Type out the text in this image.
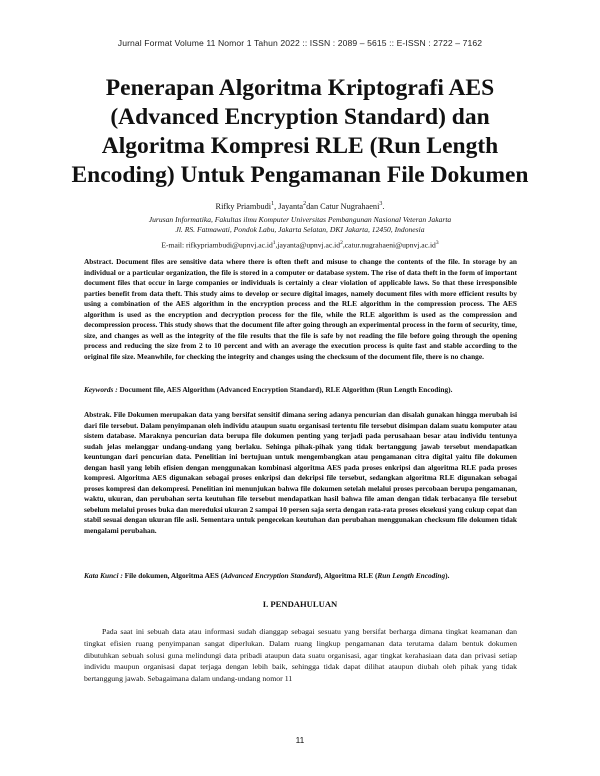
Jurnal Format Volume 11 Nomor 1 Tahun 2022 :: ISSN : 2089 – 5615 :: E-ISSN : 2722 – 7162
Penerapan Algoritma Kriptografi AES
(Advanced Encryption Standard) dan
Algoritma Kompresi RLE (Run Length
Encoding) Untuk Pengamanan File Dokumen
Rifky Priambudi$^1$, Jayanta$^2$dan Catur Nugrahaeni$^3$.
Jurusan Informatika, Fakultas ilmu Komputer Universitas Pembangunan Nasional Veteran Jakarta
Jl. RS. Fatmawati, Pondok Labu, Jakarta Selatan, DKI Jakarta, 12450, Indonesia
E-mail: $rifkypriambudi@upnvj.ac.id^1,jayanta@upnvj.ac.id^2,catur.nugrahaeni@upnvj.ac.id^3$
Abstract. Document files are sensitive data where there is often theft and misuse to change the contents of the file. In storage by an individual or a particular organization, the file is stored in a computer or database system. The rise of data theft in the form of important document files that occur in large companies or individuals is certainly a clear violation of applicable laws. So that these irresponsible parties benefit from data theft. This study aims to develop or secure digital images, namely document files with more efficient results by using a combination of the AES algorithm in the encryption process and the RLE algorithm in the compression process. The AES algorithm is used as the encryption and decryption process for the file, while the RLE algorithm is used as the compression and decompression process. This study shows that the document file after going through an experimental process in the form of security, time, size, and changes as well as the integrity of the file results that the file is safe by not reading the file before going through the opening process and reducing the size from 2 to 10 percent and with an average the execution process is quite fast and stable according to the original file size. Meanwhile, for checking the integrity and changes using the checksum of the document file, there is no change.
Keywords : Document file, AES Algorithm (Advanced Encryption Standard), RLE Algorithm (Run Length Encoding).
Abstrak. File Dokumen merupakan data yang bersifat sensitif dimana sering adanya pencurian dan disalah gunakan hingga merubah isi dari file tersebut. Dalam penyimpanan oleh individu ataupun suatu organisasi tertentu file tersebut disimpan dalam suatu komputer atau sistem database. Maraknya pencurian data berupa file dokumen penting yang terjadi pada perusahaan besar atau individu tentunya sudah jelas melanggar undang-undang yang berlaku. Sehinga pihak-pihak yang tidak bertanggung jawab tersebut mendapatkan keuntungan dari pencurian data. Penelitian ini bertujuan untuk mengembangkan atau pengamanan citra digital yaitu file dokumen dengan hasil yang lebih efisien dengan menggunakan kombinasi algoritma AES pada proses enkripsi dan algoritma RLE pada proses kompresi. Algoritma AES digunakan sebagai proses enkripsi dan dekripsi file tersebut, sedangkan algoritma RLE digunakan sebagai proses kompresi dan dekompresi. Penelitian ini menunjukan bahwa file dokumen setelah melalui proses percobaan berupa pengamanan, waktu, ukuran, dan perubahan serta keutuhan file tersebut mendapatkan hasil bahwa file aman dengan tidak terbacanya file tersebut sebelum melalui proses buka dan mereduksi ukuran 2 sampai 10 persen saja serta dengan rata-rata proses eksekusi yang cukup cepat dan stabil sesuai dengan ukuran file asli. Sementara untuk pengecekan keutuhan dan perubahan menggunakan checksum file dokumen tidak mengalami perubahan.
Kata Kunci : File dokumen, Algoritma AES (Advanced Encryption Standard), Algoritma RLE (Run Length Encoding).
I. PENDAHULUAN
Pada saat ini sebuah data atau informasi sudah dianggap sebagai sesuatu yang bersifat berharga dimana tingkat keamanan dan tingkat efisien ruang penyimpanan sangat diperlukan. Dalam ruang lingkup pengamanan data terutama dalam bentuk dokumen dibutuhkan sebuah solusi guna melindungi data pribadi ataupun data suatu organisasi, agar tingkat kerahasiaan data dan privasi setiap individu maupun organisasi dapat terjaga dengan lebih baik, sehingga tidak dapat dilihat ataupun diubah oleh pihak yang tidak bertanggung jawab. Sebagaimana dalam undang-undang nomor 11
11
